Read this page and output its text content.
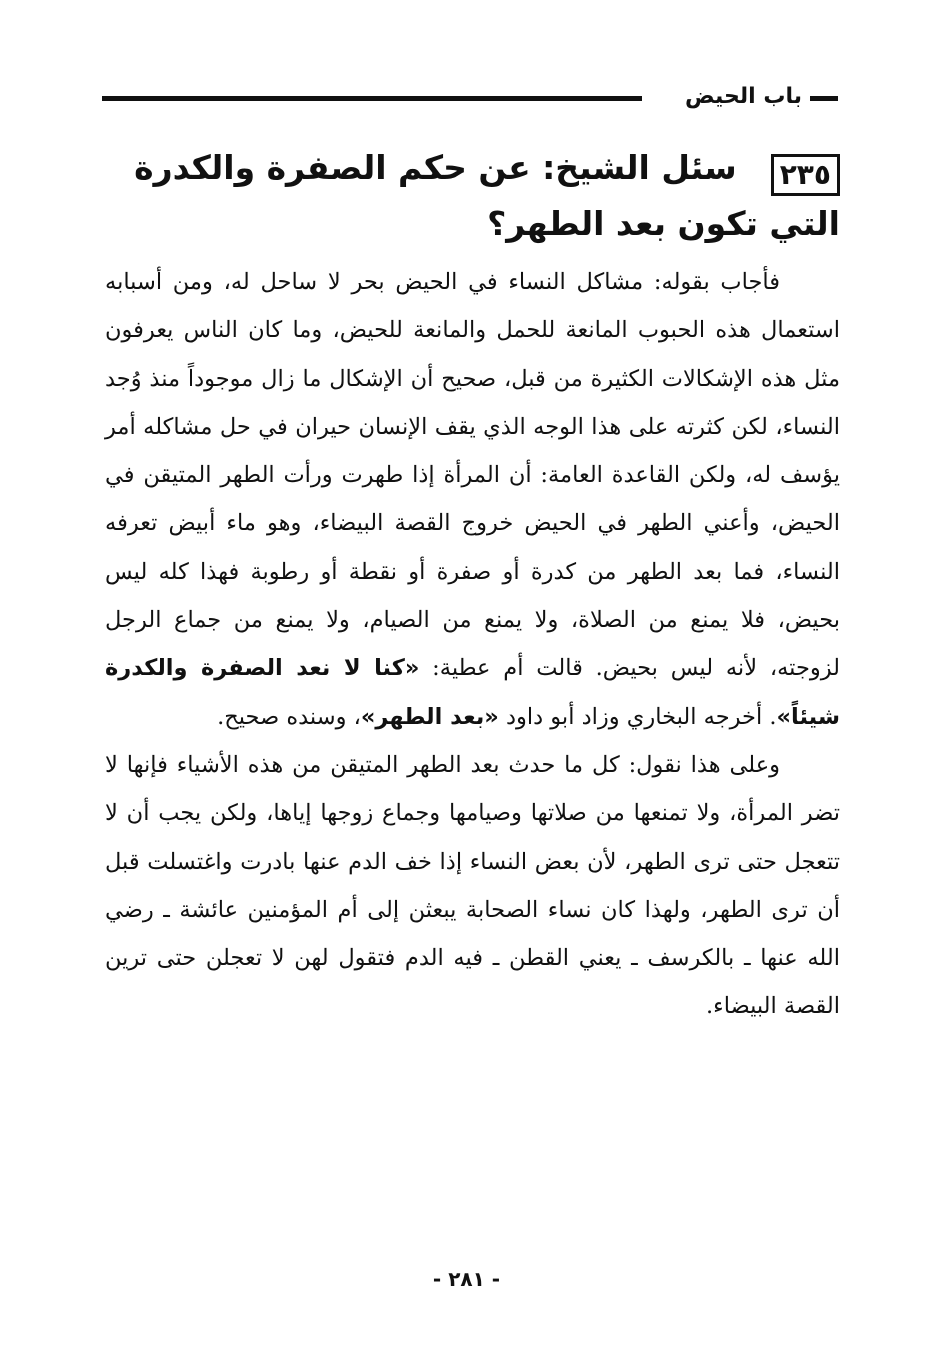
باب الحيض
٢٣٥سئل الشيخ: عن حكم الصفرة والكدرة التي تكون بعد الطهر؟

فأجاب بقوله: مشاكل النساء في الحيض بحر لا ساحل له، ومن أسبابه استعمال هذه الحبوب المانعة للحمل والمانعة للحيض، وما كان الناس يعرفون مثل هذه الإشكالات الكثيرة من قبل، صحيح أن الإشكال ما زال موجوداً منذ وُجد النساء، لكن كثرته على هذا الوجه الذي يقف الإنسان حيران في حل مشاكله أمر يؤسف له، ولكن القاعدة العامة: أن المرأة إذا طهرت ورأت الطهر المتيقن في الحيض، وأعني الطهر في الحيض خروج القصة البيضاء، وهو ماء أبيض تعرفه النساء، فما بعد الطهر من كدرة أو صفرة أو نقطة أو رطوبة فهذا كله ليس بحيض، فلا يمنع من الصلاة، ولا يمنع من الصيام، ولا يمنع من جماع الرجل لزوجته، لأنه ليس بحيض. قالت أم عطية: «كنا لا نعد الصفرة والكدرة شيئاً». أخرجه البخاري وزاد أبو داود «بعد الطهر»، وسنده صحيح.

وعلى هذا نقول: كل ما حدث بعد الطهر المتيقن من هذه الأشياء فإنها لا تضر المرأة، ولا تمنعها من صلاتها وصيامها وجماع زوجها إياها، ولكن يجب أن لا تتعجل حتى ترى الطهر، لأن بعض النساء إذا خف الدم عنها بادرت واغتسلت قبل أن ترى الطهر، ولهذا كان نساء الصحابة يبعثن إلى أم المؤمنين عائشة ـ رضي الله عنها ـ بالكرسف ـ يعني القطن ـ فيه الدم فتقول لهن لا تعجلن حتى ترين القصة البيضاء.

- ٢٨١ -
